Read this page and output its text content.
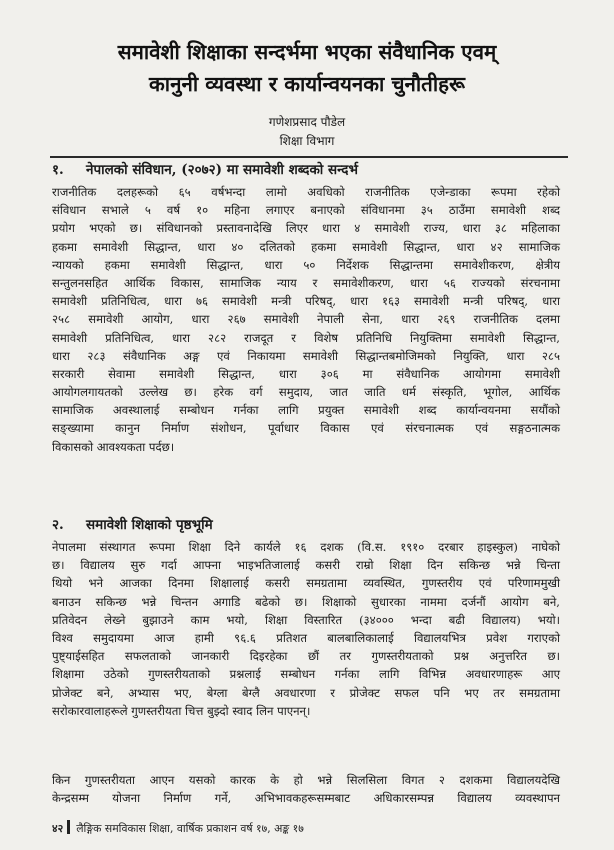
समावेशी शिक्षाका सन्दर्भमा भएका संवैधानिक एवम्
कानुनी व्यवस्था र कार्यान्वयनका चुनौतीहरू
गणेशप्रसाद पौडेल
शिक्षा विभाग
१. नेपालको संविधान, (२०७२) मा समावेशी शब्दको सन्दर्भ
राजनीतिक दलहरूको ६५ वर्षभन्दा लामो अवधिको राजनीतिक एजेन्डाका रूपमा रहेको
संविधान सभाले ५ वर्ष १० महिना लगाएर बनाएको संविधानमा ३५ ठाउँमा समावेशी शब्द
प्रयोग भएको छ। संविधानको प्रस्तावनादेखि लिएर धारा ४ समावेशी राज्य, धारा ३८ महिलाका
हकमा समावेशी सिद्धान्त, धारा ४० दलितको हकमा समावेशी सिद्धान्त, धारा ४२ सामाजिक
न्यायको हकमा समावेशी सिद्धान्त, धारा ५० निर्देशक सिद्धान्तमा समावेशीकरण, क्षेत्रीय
सन्तुलनसहित आर्थिक विकास, सामाजिक न्याय र समावेशीकरण, धारा ५६ राज्यको संरचनामा
समावेशी प्रतिनिधित्व, धारा ७६ समावेशी मन्त्री परिषद्, धारा १६३ समावेशी मन्त्री परिषद्, धारा
२५८ समावेशी आयोग, धारा २६७ समावेशी नेपाली सेना, धारा २६९ राजनीतिक दलमा
समावेशी प्रतिनिधित्व, धारा २८२ राजदूत र विशेष प्रतिनिधि नियुक्तिमा समावेशी सिद्धान्त,
धारा २८३ संवैधानिक अङ्ग एवं निकायमा समावेशी सिद्धान्तबमोजिमको नियुक्ति, धारा २८५
सरकारी सेवामा समावेशी सिद्धान्त, धारा ३०६ मा संवैधानिक आयोगमा समावेशी
आयोगलगायतको उल्लेख छ। हरेक वर्ग समुदाय, जात जाति धर्म संस्कृति, भूगोल, आर्थिक
सामाजिक अवस्थालाई सम्बोधन गर्नका लागि प्रयुक्त समावेशी शब्द कार्यान्वयनमा सयौंको
सङ्ख्यामा कानुन निर्माण संशोधन, पूर्वाधार विकास एवं संरचनात्मक एवं सङ्गठनात्मक
विकासको आवश्यकता पर्दछ।
२. समावेशी शिक्षाको पृष्ठभूमि
नेपालमा संस्थागत रूपमा शिक्षा दिने कार्यले १६ दशक (वि.स. १९१० दरबार हाइस्कुल) नाघेको
छ। विद्यालय सुरु गर्दा आफ्ना भाइभतिजालाई कसरी राम्रो शिक्षा दिन सकिन्छ भन्ने चिन्ता
थियो भने आजका दिनमा शिक्षालाई कसरी समग्रतामा व्यवस्थित, गुणस्तरीय एवं परिणाममुखी
बनाउन सकिन्छ भन्ने चिन्तन अगाडि बढेको छ। शिक्षाको सुधारका नाममा दर्जनौं आयोग बने,
प्रतिवेदन लेख्ने बुझाउने काम भयो, शिक्षा विस्तारित (३४००० भन्दा बढी विद्यालय) भयो।
विश्व समुदायमा आज हामी ९६.६ प्रतिशत बालबालिकालाई विद्यालयभित्र प्रवेश गराएको
पुष्ट्याईसहित सफलताको जानकारी दिइरहेका छौं तर गुणस्तरीयताको प्रश्न अनुत्तरित छ।
शिक्षामा उठेको गुणस्तरीयताको प्रश्नलाई सम्बोधन गर्नका लागि विभिन्न अवधारणाहरू आए
प्रोजेक्ट बने, अभ्यास भए, बेग्ला बेग्लै अवधारणा र प्रोजेक्ट सफल पनि भए तर समग्रतामा
सरोकारवालाहरूले गुणस्तरीयता चित्त बुझ्दो स्वाद लिन पाएनन्।
किन गुणस्तरीयता आएन यसको कारक के हो भन्ने सिलसिला विगत २ दशकमा विद्यालयदेखि
केन्द्रसम्म योजना निर्माण गर्ने, अभिभावकहरूसम्मबाट अधिकारसम्पन्न विद्यालय व्यवस्थापन
४२ लैङ्गिक समविकास शिक्षा, वार्षिक प्रकाशन वर्ष १७, अङ्क १७
